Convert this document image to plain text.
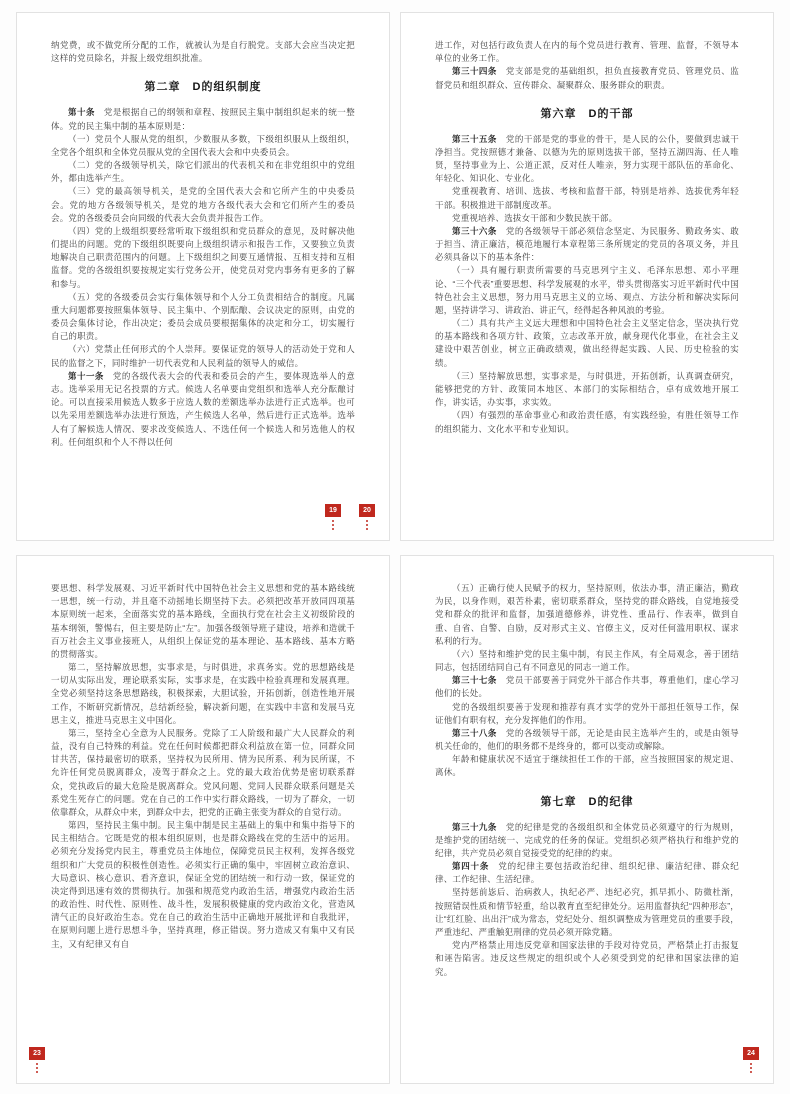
纳党费，或不做党所分配的工作，就被认为是自行脱党。支部大会应当决定把这样的党员除名，并报上级党组织批准。

第二章　D的组织制度

第十条　党是根据自己的纲领和章程、按照民主集中制组织起来的统一整体。党的民主集中制的基本原则是：

（一）党员个人服从党的组织，少数服从多数，下级组织服从上级组织，全党各个组织和全体党员服从党的全国代表大会和中央委员会。

（二）党的各级领导机关，除它们派出的代表机关和在非党组织中的党组外，都由选举产生。

（三）党的最高领导机关，是党的全国代表大会和它所产生的中央委员会。党的地方各级领导机关，是党的地方各级代表大会和它们所产生的委员会。党的各级委员会向同级的代表大会负责并报告工作。

（四）党的上级组织要经常听取下级组织和党员群众的意见，及时解决他们提出的问题。党的下级组织既要向上级组织请示和报告工作，又要独立负责地解决自己职责范围内的问题。上下级组织之间要互通情报、互相支持和互相监督。党的各级组织要按规定实行党务公开，使党员对党内事务有更多的了解和参与。

（五）党的各级委员会实行集体领导和个人分工负责相结合的制度。凡属重大问题都要按照集体领导、民主集中、个别酝酿、会议决定的原则，由党的委员会集体讨论，作出决定；委员会成员要根据集体的决定和分工，切实履行自己的职责。

（六）党禁止任何形式的个人崇拜。要保证党的领导人的活动处于党和人民的监督之下，同时维护一切代表党和人民利益的领导人的威信。

第十一条　党的各级代表大会的代表和委员会的产生，要体现选举人的意志。选举采用无记名投票的方式。候选人名单要由党组织和选举人充分酝酿讨论。可以直接采用候选人数多于应选人数的差额选举办法进行正式选举。也可以先采用差额选举办法进行预选，产生候选人名单，然后进行正式选举。选举人有了解候选人情况、要求改变候选人、不选任何一个候选人和另选他人的权利。任何组织和个人不得以任何

19	20

进工作，对包括行政负责人在内的每个党员进行教育、管理、监督，不领导本单位的业务工作。

第三十四条　党支部是党的基础组织，担负直接教育党员、管理党员、监督党员和组织群众、宣传群众、凝聚群众、服务群众的职责。

第六章　D的干部

第三十五条　党的干部是党的事业的骨干，是人民的公仆，要做到忠诚干净担当。党按照德才兼备、以德为先的原则选拔干部，坚持五湖四海、任人唯贤，坚持事业为上、公道正派，反对任人唯亲，努力实现干部队伍的革命化、年轻化、知识化、专业化。

党重视教育、培训、选拔、考核和监督干部，特别是培养、选拔优秀年轻干部。积极推进干部制度改革。

党重视培养、选拔女干部和少数民族干部。

第三十六条　党的各级领导干部必须信念坚定、为民服务、勤政务实、敢于担当、清正廉洁，模范地履行本章程第三条所规定的党员的各项义务，并且必须具备以下的基本条件：

（一）具有履行职责所需要的马克思列宁主义、毛泽东思想、邓小平理论、“三个代表”重要思想、科学发展观的水平，带头贯彻落实习近平新时代中国特色社会主义思想，努力用马克思主义的立场、观点、方法分析和解决实际问题，坚持讲学习、讲政治、讲正气，经得起各种风浪的考验。

（二）具有共产主义远大理想和中国特色社会主义坚定信念，坚决执行党的基本路线和各项方针、政策，立志改革开放，献身现代化事业，在社会主义建设中艰苦创业，树立正确政绩观，做出经得起实践、人民、历史检验的实绩。

（三）坚持解放思想，实事求是，与时俱进，开拓创新，认真调查研究，能够把党的方针、政策同本地区、本部门的实际相结合，卓有成效地开展工作，讲实话，办实事，求实效。

（四）有强烈的革命事业心和政治责任感，有实践经验，有胜任领导工作的组织能力、文化水平和专业知识。

要思想、科学发展观、习近平新时代中国特色社会主义思想和党的基本路线统一思想，统一行动，并且毫不动摇地长期坚持下去。必须把改革开放同四项基本原则统一起来，全面落实党的基本路线，全面执行党在社会主义初级阶段的基本纲领，警惕右，但主要是防止“左”。加强各级领导班子建设，培养和造就千百万社会主义事业接班人，从组织上保证党的基本理论、基本路线、基本方略的贯彻落实。

第二，坚持解放思想，实事求是，与时俱进，求真务实。党的思想路线是一切从实际出发，理论联系实际，实事求是，在实践中检验真理和发展真理。全党必须坚持这条思想路线，积极探索，大胆试验，开拓创新，创造性地开展工作，不断研究新情况，总结新经验，解决新问题，在实践中丰富和发展马克思主义，推进马克思主义中国化。

第三，坚持全心全意为人民服务。党除了工人阶级和最广大人民群众的利益，没有自己特殊的利益。党在任何时候都把群众利益放在第一位，同群众同甘共苦，保持最密切的联系，坚持权为民所用、情为民所系、利为民所谋，不允许任何党员脱离群众，凌驾于群众之上。党的最大政治优势是密切联系群众，党执政后的最大危险是脱离群众。党风问题、党同人民群众联系问题是关系党生死存亡的问题。党在自己的工作中实行群众路线，一切为了群众，一切依靠群众，从群众中来，到群众中去，把党的正确主张变为群众的自觉行动。

第四，坚持民主集中制。民主集中制是民主基础上的集中和集中指导下的民主相结合。它既是党的根本组织原则，也是群众路线在党的生活中的运用。必须充分发扬党内民主，尊重党员主体地位，保障党员民主权利，发挥各级党组织和广大党员的积极性创造性。必须实行正确的集中，牢固树立政治意识、大局意识、核心意识、看齐意识，保证全党的团结统一和行动一致，保证党的决定得到迅速有效的贯彻执行。加强和规范党内政治生活，增强党内政治生活的政治性、时代性、原则性、战斗性，发展积极健康的党内政治文化，营造风清气正的良好政治生态。党在自己的政治生活中正确地开展批评和自我批评，在原则问题上进行思想斗争，坚持真理，修正错误。努力造成又有集中又有民主，又有纪律又有自

23

（五）正确行使人民赋予的权力，坚持原则，依法办事，清正廉洁，勤政为民，以身作则，艰苦朴素，密切联系群众，坚持党的群众路线，自觉地接受党和群众的批评和监督，加强道德修养，讲党性、重品行、作表率，做到自重、自省、自警、自励，反对形式主义、官僚主义，反对任何滥用职权、谋求私利的行为。

（六）坚持和维护党的民主集中制，有民主作风，有全局观念，善于团结同志，包括团结同自己有不同意见的同志一道工作。

第三十七条　党员干部要善于同党外干部合作共事，尊重他们，虚心学习他们的长处。

党的各级组织要善于发现和推荐有真才实学的党外干部担任领导工作，保证他们有职有权，充分发挥他们的作用。

第三十八条　党的各级领导干部，无论是由民主选举产生的，或是由领导机关任命的，他们的职务都不是终身的，都可以变动或解除。

年龄和健康状况不适宜于继续担任工作的干部，应当按照国家的规定退、离休。

第七章　D的纪律

第三十九条　党的纪律是党的各级组织和全体党员必须遵守的行为规则，是维护党的团结统一、完成党的任务的保证。党组织必须严格执行和维护党的纪律，共产党员必须自觉接受党的纪律的约束。

第四十条　党的纪律主要包括政治纪律、组织纪律、廉洁纪律、群众纪律、工作纪律、生活纪律。

坚持惩前毖后、治病救人，执纪必严、违纪必究，抓早抓小、防微杜渐，按照错误性质和情节轻重，给以教育直至纪律处分。运用监督执纪“四种形态”，让“红红脸、出出汗”成为常态，党纪处分、组织调整成为管理党员的重要手段，严重违纪、严重触犯刑律的党员必须开除党籍。

党内严格禁止用违反党章和国家法律的手段对待党员，严格禁止打击报复和诬告陷害。违反这些规定的组织或个人必须受到党的纪律和国家法律的追究。

24
